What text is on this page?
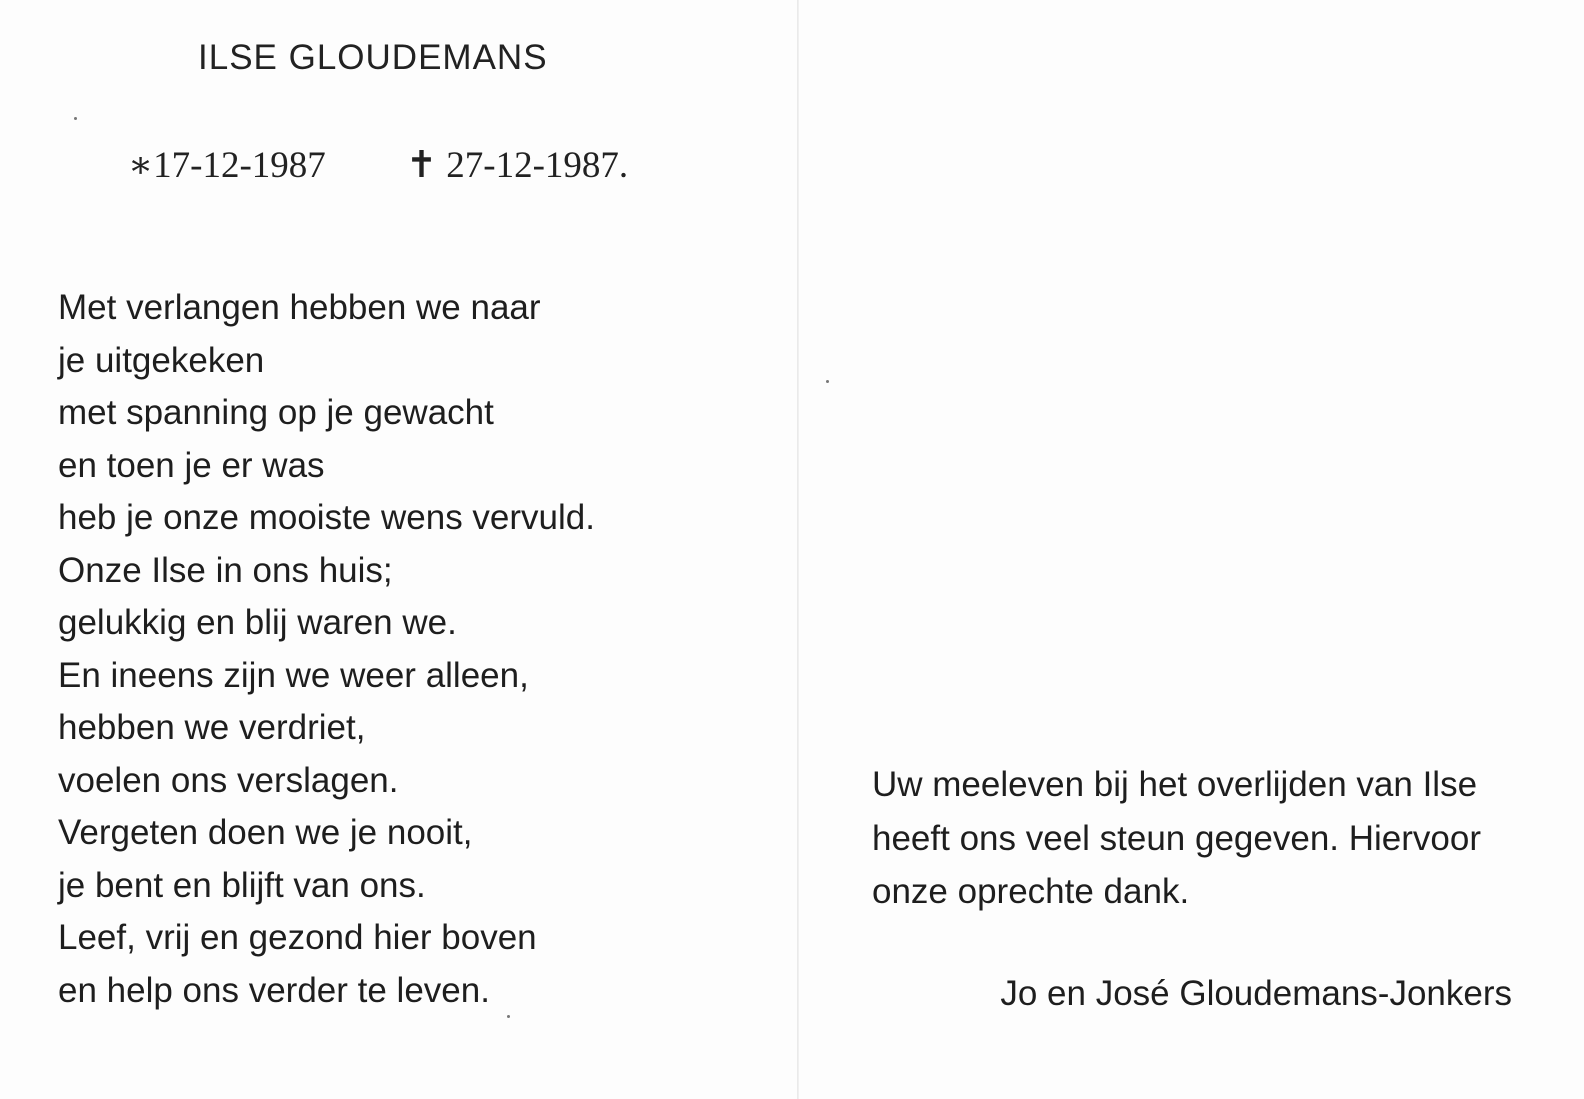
ILSE GLOUDEMANS
∗17-12-1987 ✝ 27-12-1987.
Met verlangen hebben we naar
je uitgekeken
met spanning op je gewacht
en toen je er was
heb je onze mooiste wens vervuld.
Onze Ilse in ons huis;
gelukkig en blij waren we.
En ineens zijn we weer alleen,
hebben we verdriet,
voelen ons verslagen.
Vergeten doen we je nooit,
je bent en blijft van ons.
Leef, vrij en gezond hier boven
en help ons verder te leven.
Uw meeleven bij het overlijden van Ilse
heeft ons veel steun gegeven. Hiervoor
onze oprechte dank.
Jo en José Gloudemans-Jonkers
